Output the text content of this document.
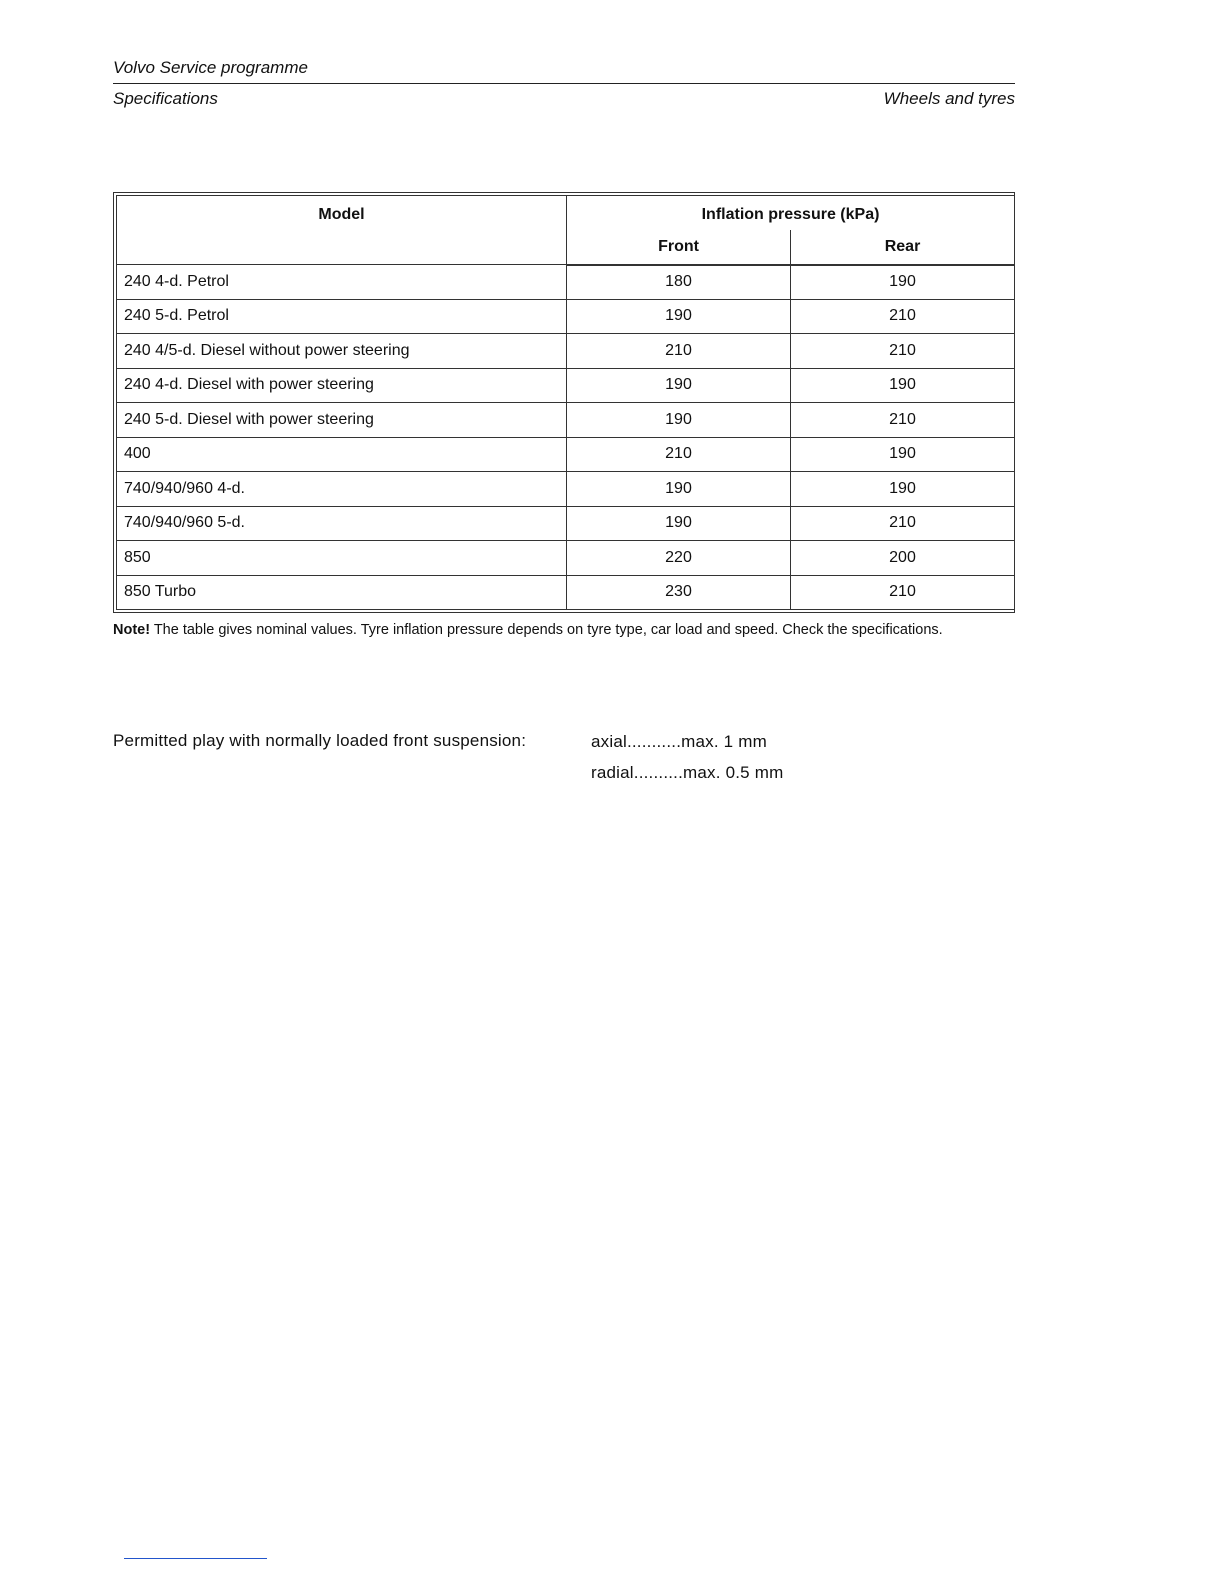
Volvo Service programme
Specifications	Wheels and tyres
Model	Inflation pressure (kPa)	
	Front	Rear
240 4-d. Petrol	180	190
240 5-d. Petrol	190	210
240 4/5-d. Diesel without power steering	210	210
240 4-d. Diesel with power steering	190	190
240 5-d. Diesel with power steering	190	210
400	210	190
740/940/960 4-d.	190	190
740/940/960 5-d.	190	210
850	220	200
850 Turbo	230	210
Note! The table gives nominal values. Tyre inflation pressure depends on tyre type, car load and speed. Check the specifications.
Permitted play with normally loaded front suspension:	axial...........max. 1 mm
radial..........max. 0.5 mm
